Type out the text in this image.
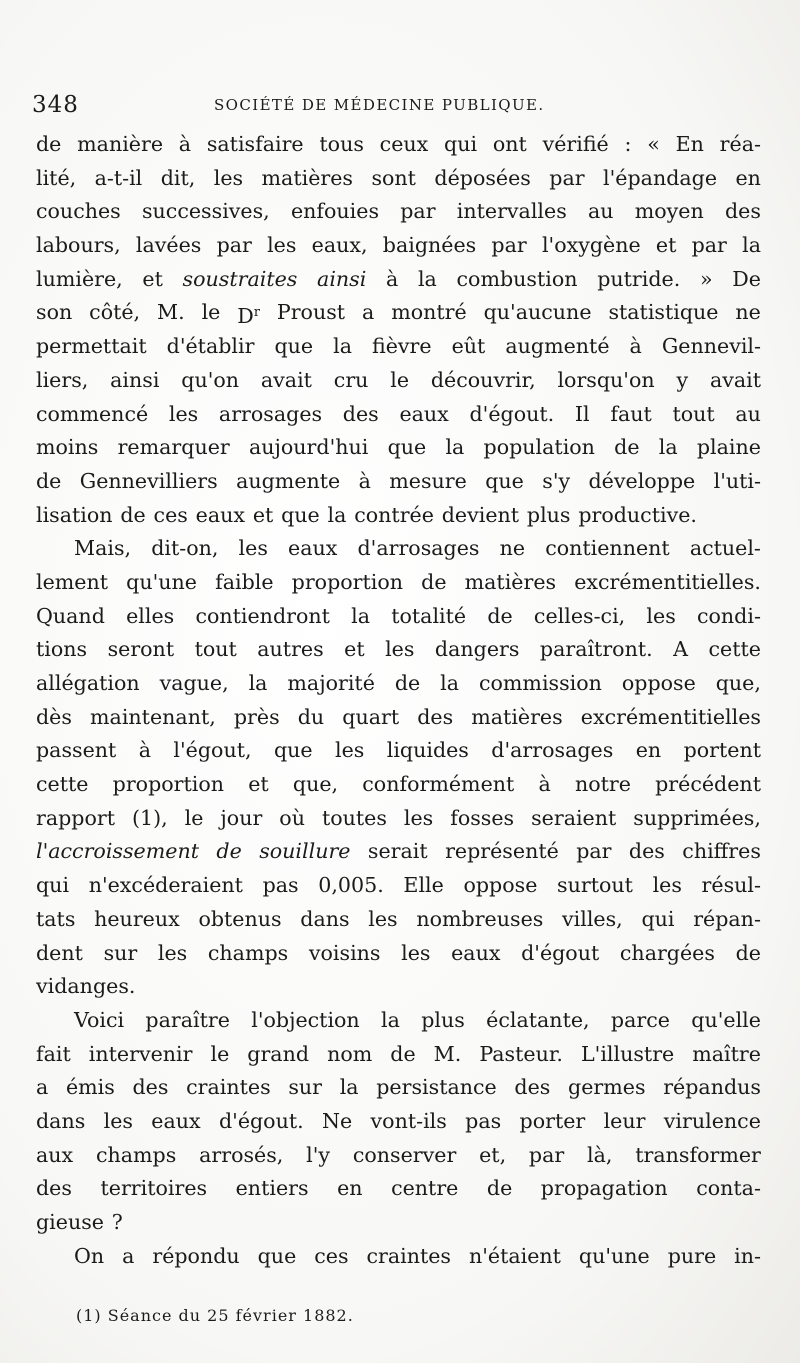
348	SOCIÉTÉ DE MÉDECINE PUBLIQUE.
de manière à satisfaire tous ceux qui ont vérifié : « En réa-
lité, a-t-il dit, les matières sont déposées par l'épandage en
couches successives, enfouies par intervalles au moyen des
labours, lavées par les eaux, baignées par l'oxygène et par la
lumière, et soustraites ainsi à la combustion putride. » De
son côté, M. le $D^r$ Proust a montré qu'aucune statistique ne
permettait d'établir que la fièvre eût augmenté à Gennevil-
liers, ainsi qu'on avait cru le découvrir, lorsqu'on y avait
commencé les arrosages des eaux d'égout. Il faut tout au
moins remarquer aujourd'hui que la population de la plaine
de Gennevilliers augmente à mesure que s'y développe l'uti-
lisation de ces eaux et que la contrée devient plus productive.
Mais, dit-on, les eaux d'arrosages ne contiennent actuel-
lement qu'une faible proportion de matières excrémentitielles.
Quand elles contiendront la totalité de celles-ci, les condi-
tions seront tout autres et les dangers paraîtront. A cette
allégation vague, la majorité de la commission oppose que,
dès maintenant, près du quart des matières excrémentitielles
passent à l'égout, que les liquides d'arrosages en portent
cette proportion et que, conformément à notre précédent
rapport (1), le jour où toutes les fosses seraient supprimées,
l'accroissement de souillure serait représenté par des chiffres
qui n'excéderaient pas 0,005. Elle oppose surtout les résul-
tats heureux obtenus dans les nombreuses villes, qui répan-
dent sur les champs voisins les eaux d'égout chargées de
vidanges.
Voici paraître l'objection la plus éclatante, parce qu'elle
fait intervenir le grand nom de M. Pasteur. L'illustre maître
a émis des craintes sur la persistance des germes répandus
dans les eaux d'égout. Ne vont-ils pas porter leur virulence
aux champs arrosés, l'y conserver et, par là, transformer
des territoires entiers en centre de propagation conta-
gieuse ?
On a répondu que ces craintes n'étaient qu'une pure in-
(1) Séance du 25 février 1882.
